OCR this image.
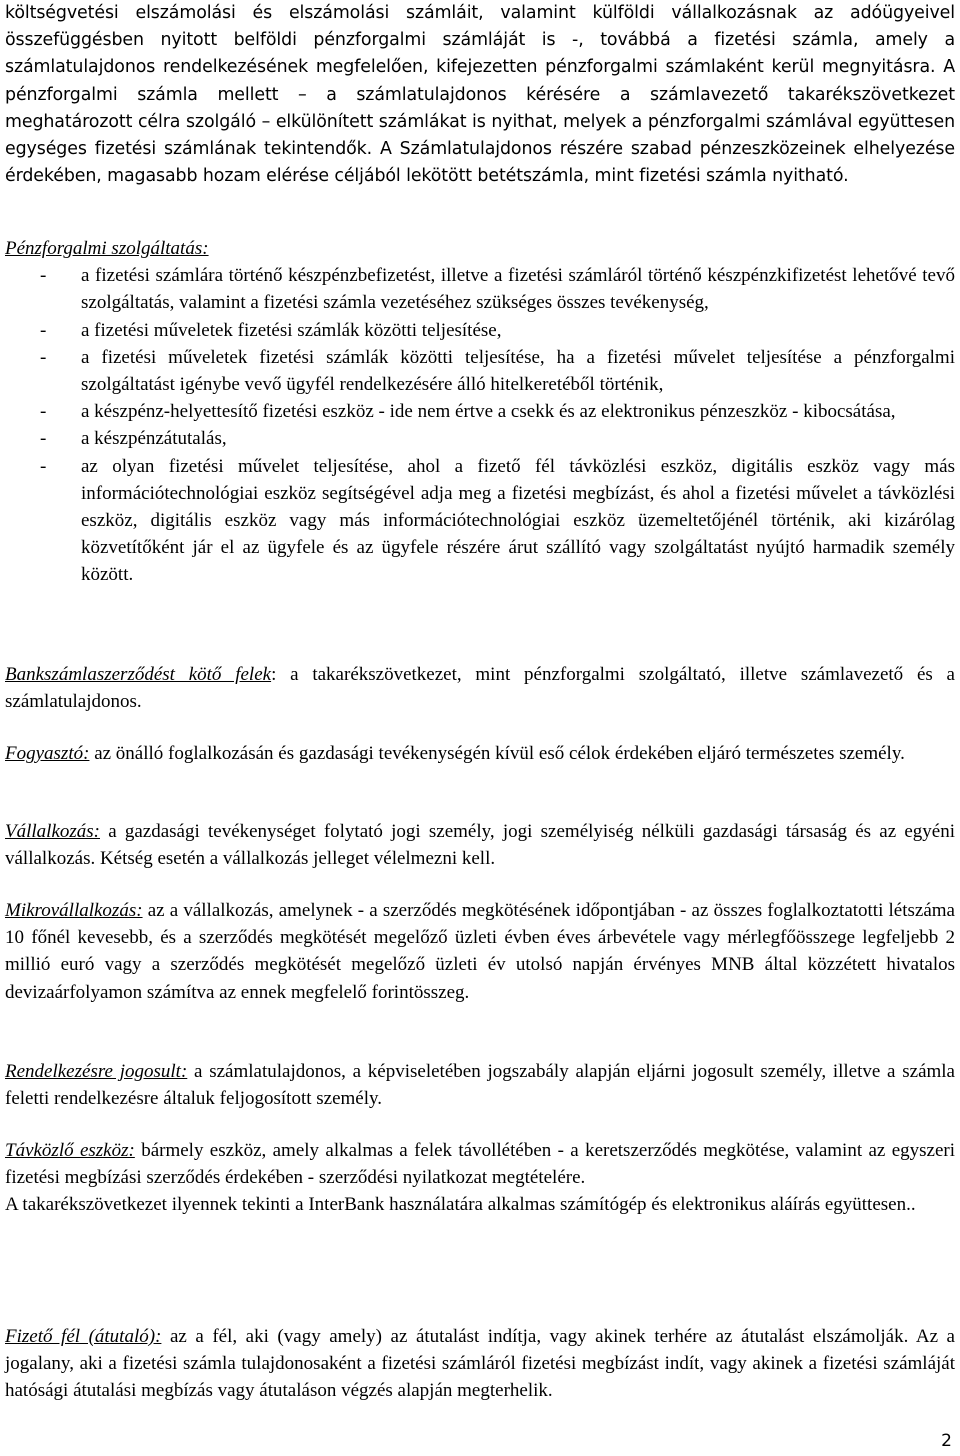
költségvetési elszámolási és elszámolási számláit, valamint külföldi vállalkozásnak az adóügyeivel összefüggésben nyitott belföldi pénzforgalmi számláját is -, továbbá a fizetési számla, amely a számlatulajdonos rendelkezésének megfelelően, kifejezetten pénzforgalmi számlaként kerül megnyitásra. A pénzforgalmi számla mellett – a számlatulajdonos kérésére a számlavezető takarékszövetkezet meghatározott célra szolgáló – elkülönített számlákat is nyithat, melyek a pénzforgalmi számlával együttesen egységes fizetési számlának tekintendők. A Számlatulajdonos részére szabad pénzeszközeinek elhelyezése érdekében, magasabb hozam elérése céljából lekötött betétszámla, mint fizetési számla nyitható.

Pénzforgalmi szolgáltatás:

- a fizetési számlára történő készpénzbefizetést, illetve a fizetési számláról történő készpénzkifizetést lehetővé tevő szolgáltatás, valamint a fizetési számla vezetéséhez szükséges összes tevékenység,
- a fizetési műveletek fizetési számlák közötti teljesítése,
- a fizetési műveletek fizetési számlák közötti teljesítése, ha a fizetési művelet teljesítése a pénzforgalmi szolgáltatást igénybe vevő ügyfél rendelkezésére álló hitelkeretéből történik,
- a készpénz-helyettesítő fizetési eszköz - ide nem értve a csekk és az elektronikus pénzeszköz - kibocsátása,
- a készpénzátutalás,
- az olyan fizetési művelet teljesítése, ahol a fizető fél távközlési eszköz, digitális eszköz vagy más információtechnológiai eszköz segítségével adja meg a fizetési megbízást, és ahol a fizetési művelet a távközlési eszköz, digitális eszköz vagy más információtechnológiai eszköz üzemeltetőjénél történik, aki kizárólag közvetítőként jár el az ügyfele és az ügyfele részére árut szállító vagy szolgáltatást nyújtó harmadik személy között.

Bankszámlaszerződést kötő felek: a takarékszövetkezet, mint pénzforgalmi szolgáltató, illetve számlavezető és a számlatulajdonos.

Fogyasztó: az önálló foglalkozásán és gazdasági tevékenységén kívül eső célok érdekében eljáró természetes személy.

Vállalkozás: a gazdasági tevékenységet folytató jogi személy, jogi személyiség nélküli gazdasági társaság és az egyéni vállalkozás. Kétség esetén a vállalkozás jelleget vélelmezni kell.

Mikrovállalkozás: az a vállalkozás, amelynek - a szerződés megkötésének időpontjában - az összes foglalkoztatotti létszáma 10 főnél kevesebb, és a szerződés megkötését megelőző üzleti évben éves árbevétele vagy mérlegfőösszege legfeljebb 2 millió euró vagy a szerződés megkötését megelőző üzleti év utolsó napján érvényes MNB által közzétett hivatalos devizaárfolyamon számítva az ennek megfelelő forintösszeg.

Rendelkezésre jogosult: a számlatulajdonos, a képviseletében jogszabály alapján eljárni jogosult személy, illetve a számla feletti rendelkezésre általuk feljogosított személy.

Távközlő eszköz: bármely eszköz, amely alkalmas a felek távollétében - a keretszerződés megkötése, valamint az egyszeri fizetési megbízási szerződés érdekében - szerződési nyilatkozat megtételére.

A takarékszövetkezet ilyennek tekinti a InterBank használatára alkalmas számítógép és elektronikus aláírás együttesen..

Fizető fél (átutaló): az a fél, aki (vagy amely) az átutalást indítja, vagy akinek terhére az átutalást elszámolják. Az a jogalany, aki a fizetési számla tulajdonosaként a fizetési számláról fizetési megbízást indít, vagy akinek a fizetési számláját hatósági átutalási megbízás vagy átutaláson végzés alapján megterhelik.

2
